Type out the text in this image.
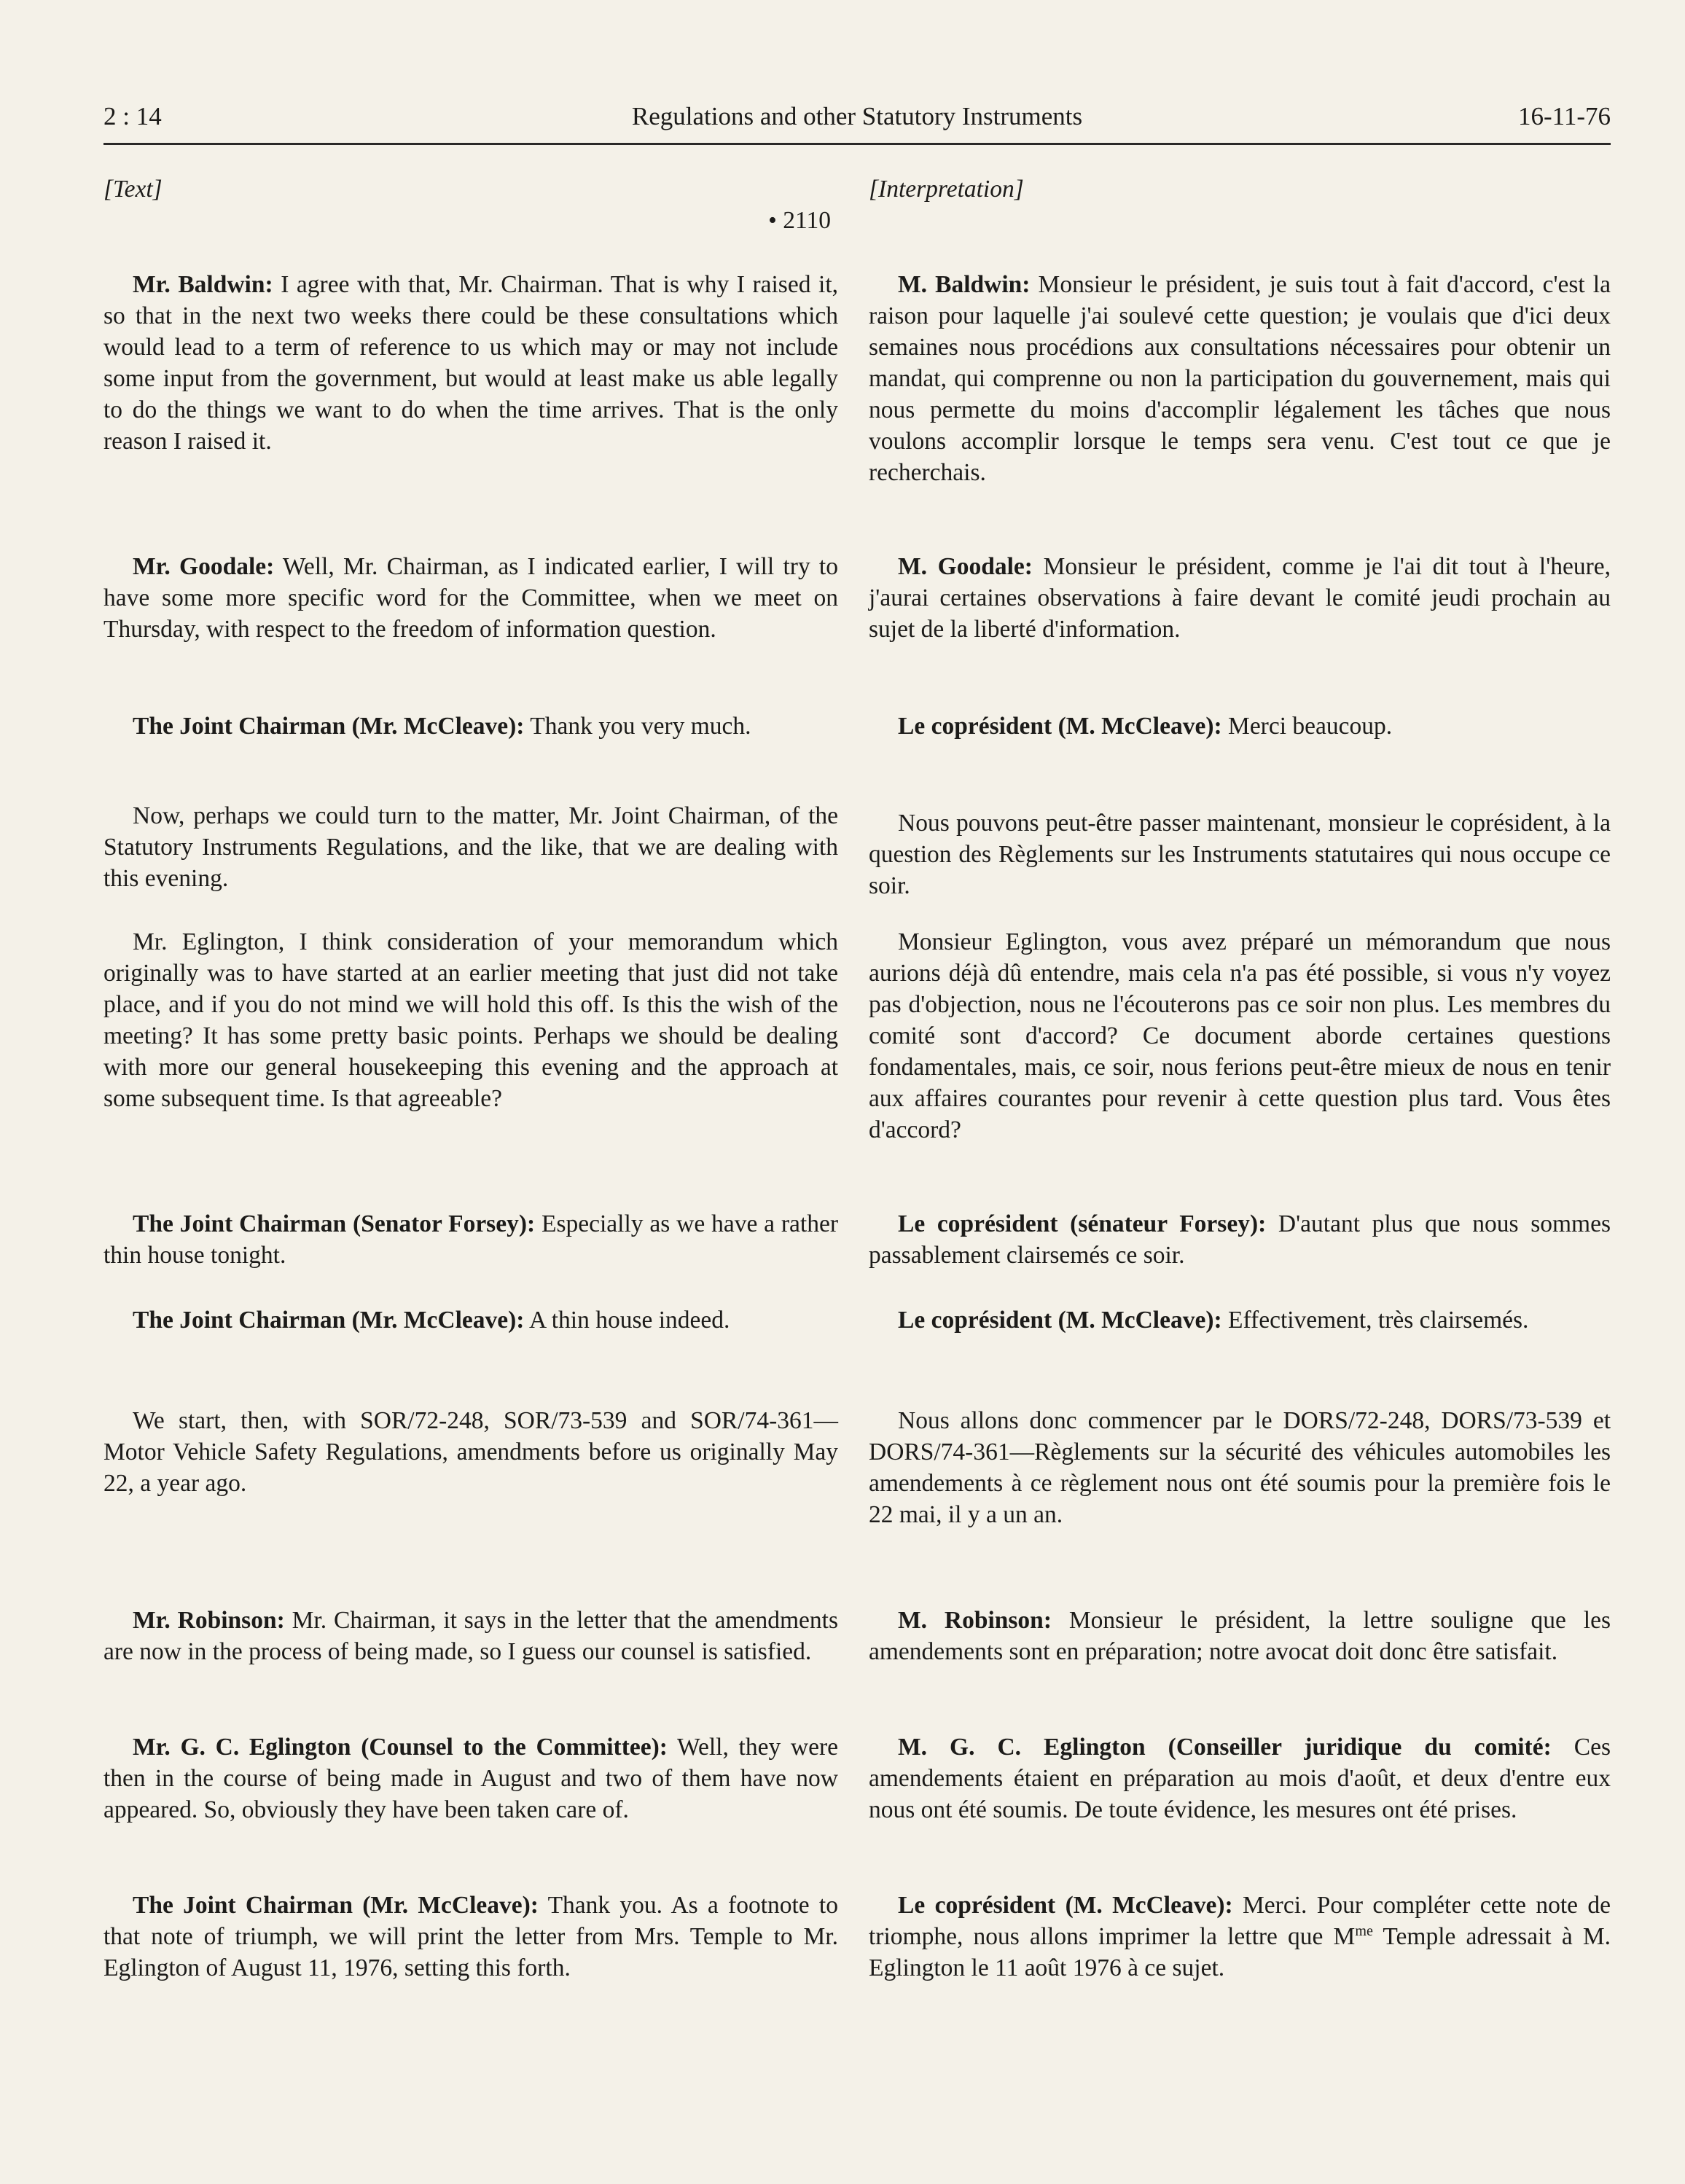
2 : 14	Regulations and other Statutory Instruments	16-11-76

[Text]

• 2110

Mr. Baldwin: I agree with that, Mr. Chairman. That is why I raised it, so that in the next two weeks there could be these consultations which would lead to a term of reference to us which may or may not include some input from the government, but would at least make us able legally to do the things we want to do when the time arrives. That is the only reason I raised it.

Mr. Goodale: Well, Mr. Chairman, as I indicated earlier, I will try to have some more specific word for the Committee, when we meet on Thursday, with respect to the freedom of information question.

The Joint Chairman (Mr. McCleave): Thank you very much.

Now, perhaps we could turn to the matter, Mr. Joint Chairman, of the Statutory Instruments Regulations, and the like, that we are dealing with this evening.

Mr. Eglington, I think consideration of your memorandum which originally was to have started at an earlier meeting that just did not take place, and if you do not mind we will hold this off. Is this the wish of the meeting? It has some pretty basic points. Perhaps we should be dealing with more our general housekeeping this evening and the approach at some subsequent time. Is that agreeable?

The Joint Chairman (Senator Forsey): Especially as we have a rather thin house tonight.

The Joint Chairman (Mr. McCleave): A thin house indeed.

We start, then, with SOR/72-248, SOR/73-539 and SOR/74-361—Motor Vehicle Safety Regulations, amendments before us originally May 22, a year ago.

Mr. Robinson: Mr. Chairman, it says in the letter that the amendments are now in the process of being made, so I guess our counsel is satisfied.

Mr. G. C. Eglington (Counsel to the Committee): Well, they were then in the course of being made in August and two of them have now appeared. So, obviously they have been taken care of.

The Joint Chairman (Mr. McCleave): Thank you. As a footnote to that note of triumph, we will print the letter from Mrs. Temple to Mr. Eglington of August 11, 1976, setting this forth.

[Interpretation]

M. Baldwin: Monsieur le président, je suis tout à fait d'accord, c'est la raison pour laquelle j'ai soulevé cette question; je voulais que d'ici deux semaines nous procédions aux consultations nécessaires pour obtenir un mandat, qui comprenne ou non la participation du gouvernement, mais qui nous permette du moins d'accomplir légalement les tâches que nous voulons accomplir lorsque le temps sera venu. C'est tout ce que je recherchais.

M. Goodale: Monsieur le président, comme je l'ai dit tout à l'heure, j'aurai certaines observations à faire devant le comité jeudi prochain au sujet de la liberté d'information.

Le coprésident (M. McCleave): Merci beaucoup.

Nous pouvons peut-être passer maintenant, monsieur le coprésident, à la question des Règlements sur les Instruments statutaires qui nous occupe ce soir.

Monsieur Eglington, vous avez préparé un mémorandum que nous aurions déjà dû entendre, mais cela n'a pas été possible, si vous n'y voyez pas d'objection, nous ne l'écouterons pas ce soir non plus. Les membres du comité sont d'accord? Ce document aborde certaines questions fondamentales, mais, ce soir, nous ferions peut-être mieux de nous en tenir aux affaires courantes pour revenir à cette question plus tard. Vous êtes d'accord?

Le coprésident (sénateur Forsey): D'autant plus que nous sommes passablement clairsemés ce soir.

Le coprésident (M. McCleave): Effectivement, très clairsemés.

Nous allons donc commencer par le DORS/72-248, DORS/73-539 et DORS/74-361—Règlements sur la sécurité des véhicules automobiles les amendements à ce règlement nous ont été soumis pour la première fois le 22 mai, il y a un an.

M. Robinson: Monsieur le président, la lettre souligne que les amendements sont en préparation; notre avocat doit donc être satisfait.

M. G. C. Eglington (Conseiller juridique du comité: Ces amendements étaient en préparation au mois d'août, et deux d'entre eux nous ont été soumis. De toute évidence, les mesures ont été prises.

Le coprésident (M. McCleave): Merci. Pour compléter cette note de triomphe, nous allons imprimer la lettre que $M^{me}$ Temple adressait à M. Eglington le 11 août 1976 à ce sujet.
